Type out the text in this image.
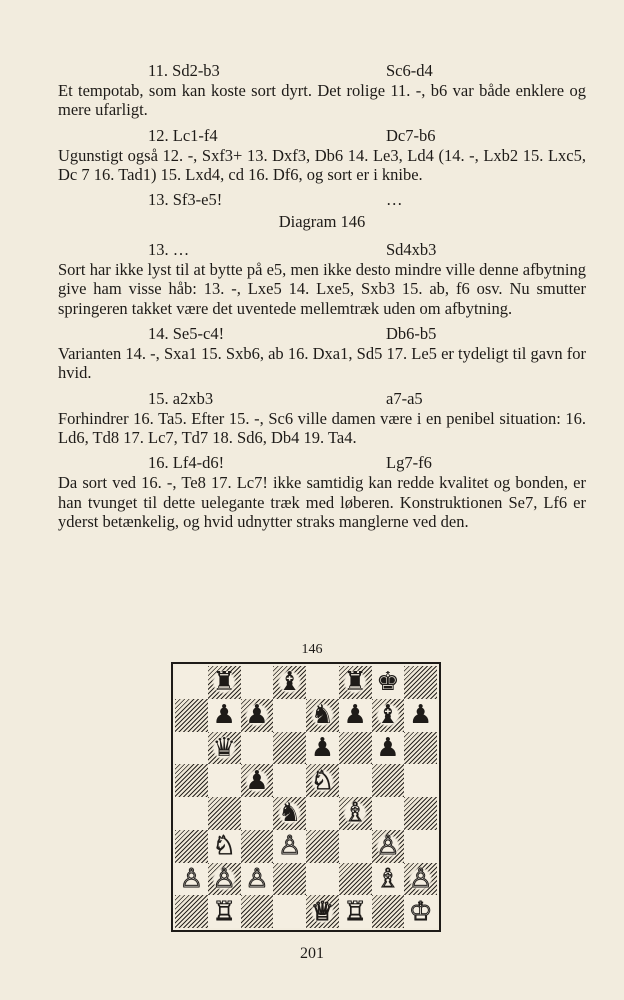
11. Sd2-b3	Sc6-d4
Et tempotab, som kan koste sort dyrt. Det rolige 11. -, b6 var både enklere og mere ufarligt.
12. Lc1-f4	Dc7-b6
Ugunstigt også 12. -, Sxf3+ 13. Dxf3, Db6 14. Le3, Ld4 (14. -, Lxb2 15. Lxc5, Dc 7 16. Tad1) 15. Lxd4, cd 16. Df6, og sort er i knibe.
13. Sf3-e5!	…
Diagram 146
13. …	Sd4xb3
Sort har ikke lyst til at bytte på e5, men ikke desto mindre ville denne afbytning give ham visse håb: 13. -, Lxe5 14. Lxe5, Sxb3 15. ab, f6 osv. Nu smutter springeren takket være det uventede mellemtræk uden om afbytning.
14. Se5-c4!	Db6-b5
Varianten 14. -, Sxa1 15. Sxb6, ab 16. Dxa1, Sd5 17. Le5 er tydeligt til gavn for hvid.
15. a2xb3	a7-a5
Forhindrer 16. Ta5. Efter 15. -, Sc6 ville damen være i en penibel situation: 16. Ld6, Td8 17. Lc7, Td7 18. Sd6, Db4 19. Ta4.
16. Lf4-d6!	Lg7-f6
Da sort ved 16. -, Te8 17. Lc7! ikke samtidig kan redde kvalitet og bonden, er han tvunget til dette uelegante træk med løberen. Konstruktionen Se7, Lf6 er yderst betænkelig, og hvid udnytter straks manglerne ved den.
146
♜ ♝ ♜ ♚
♟ ♟ ♞ ♟ ♝ ♟
♛	♟ ♟
♟ ♘
♞ ♗
♘ ♙	♙
♙ ♙ ♙	♗ ♙
♖	♕ ♖ ♔
201
